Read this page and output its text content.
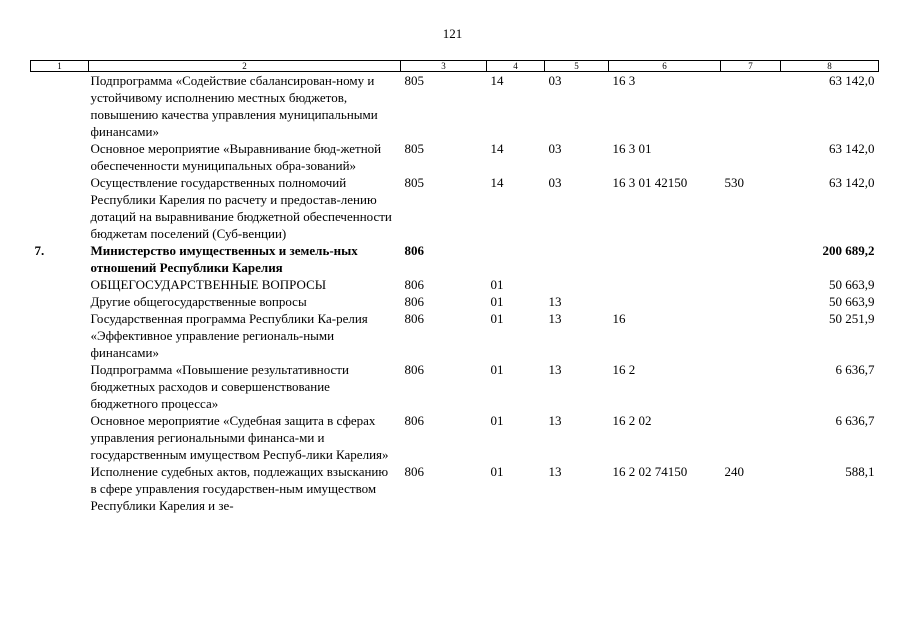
121
1	2	3	4	5	6	7	8
	Подпрограмма «Содействие сбалансирован-ному и устойчивому исполнению местных бюджетов, повышению качества управления муниципальными финансами»	805	14	03	16 3		63 142,0
	Основное мероприятие «Выравнивание бюд-жетной обеспеченности муниципальных обра-зований»	805	14	03	16 3 01		63 142,0
	Осуществление государственных полномочий Республики Карелия по расчету и предостав-лению дотаций на выравнивание бюджетной обеспеченности бюджетам поселений (Суб-венции)	805	14	03	16 3 01 42150	530	63 142,0
7.	Министерство имущественных и земель-ных отношений Республики Карелия	806					200 689,2
	ОБЩЕГОСУДАРСТВЕННЫЕ ВОПРОСЫ	806	01				50 663,9
	Другие общегосударственные вопросы	806	01	13			50 663,9
	Государственная программа Республики Ка-релия «Эффективное управление региональ-ными финансами»	806	01	13	16		50 251,9
	Подпрограмма «Повышение результативности бюджетных расходов и совершенствование бюджетного процесса»	806	01	13	16 2		6 636,7
	Основное мероприятие «Судебная защита в сферах управления региональными финанса-ми и государственным имуществом Респуб-лики Карелия»	806	01	13	16 2 02		6 636,7
	Исполнение судебных актов, подлежащих взысканию в сфере управления государствен-ным имуществом Республики Карелия и зе-	806	01	13	16 2 02 74150	240	588,1
